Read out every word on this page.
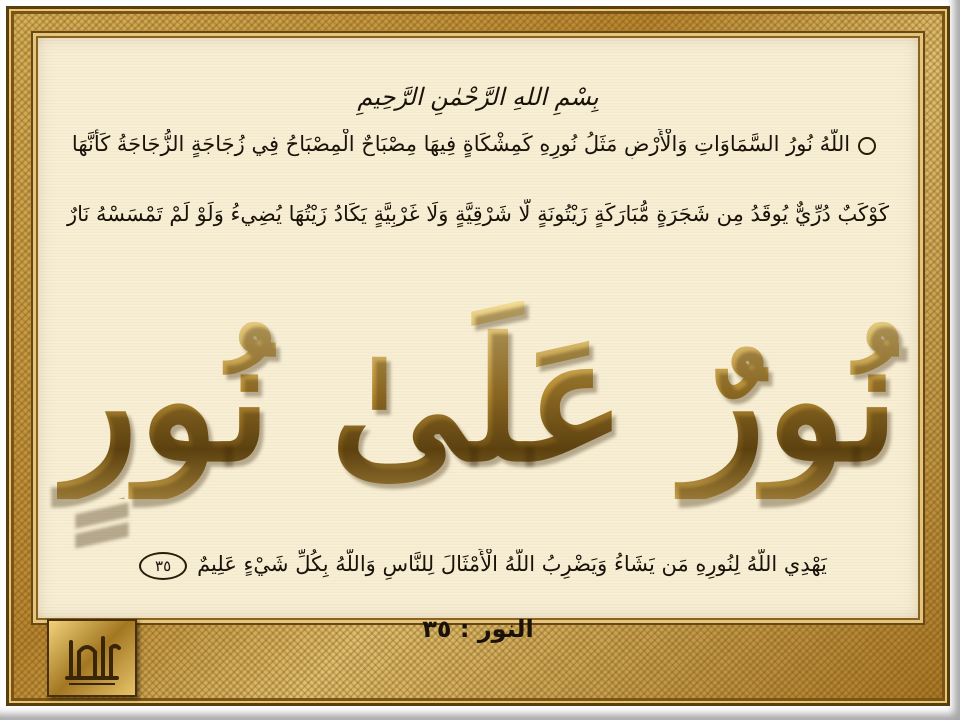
بِسْمِ اللهِ الرَّحْمٰنِ الرَّحِيمِ
اللَّهُ نُورُ السَّمَاوَاتِ وَالْأَرْضِ مَثَلُ نُورِهِ كَمِشْكَاةٍ فِيهَا مِصْبَاحٌ الْمِصْبَاحُ فِي زُجَاجَةٍ الزُّجَاجَةُ كَأَنَّهَا
كَوْكَبٌ دُرِّيٌّ يُوقَدُ مِن شَجَرَةٍ مُّبَارَكَةٍ زَيْتُونَةٍ لَّا شَرْقِيَّةٍ وَلَا غَرْبِيَّةٍ يَكَادُ زَيْتُهَا يُضِيءُ وَلَوْ لَمْ تَمْسَسْهُ نَارٌ
نُورٌ عَلَىٰ نُورٍ
يَهْدِي اللَّهُ لِنُورِهِ مَن يَشَاءُ وَيَضْرِبُ اللَّهُ الْأَمْثَالَ لِلنَّاسِ وَاللَّهُ بِكُلِّ شَيْءٍ عَلِيمٌ٣٥
النور : ٣٥
